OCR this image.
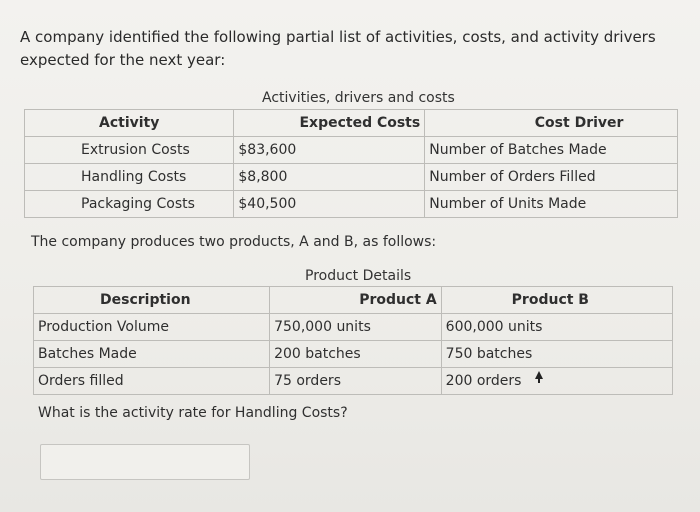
A company identified the following partial list of activities, costs, and activity drivers expected for the next year:
Activities, drivers and costs
Activity	Expected Costs	Cost Driver
Extrusion Costs	$83,600	Number of Batches Made
Handling Costs	$8,800	Number of Orders Filled
Packaging Costs	$40,500	Number of Units Made
The company produces two products, A and B, as follows:
Product Details
Description	Product A	Product B
Production Volume	750,000 units	600,000 units
Batches Made	200 batches	750 batches
Orders filled	75 orders	200 orders
What is the activity rate for Handling Costs?
